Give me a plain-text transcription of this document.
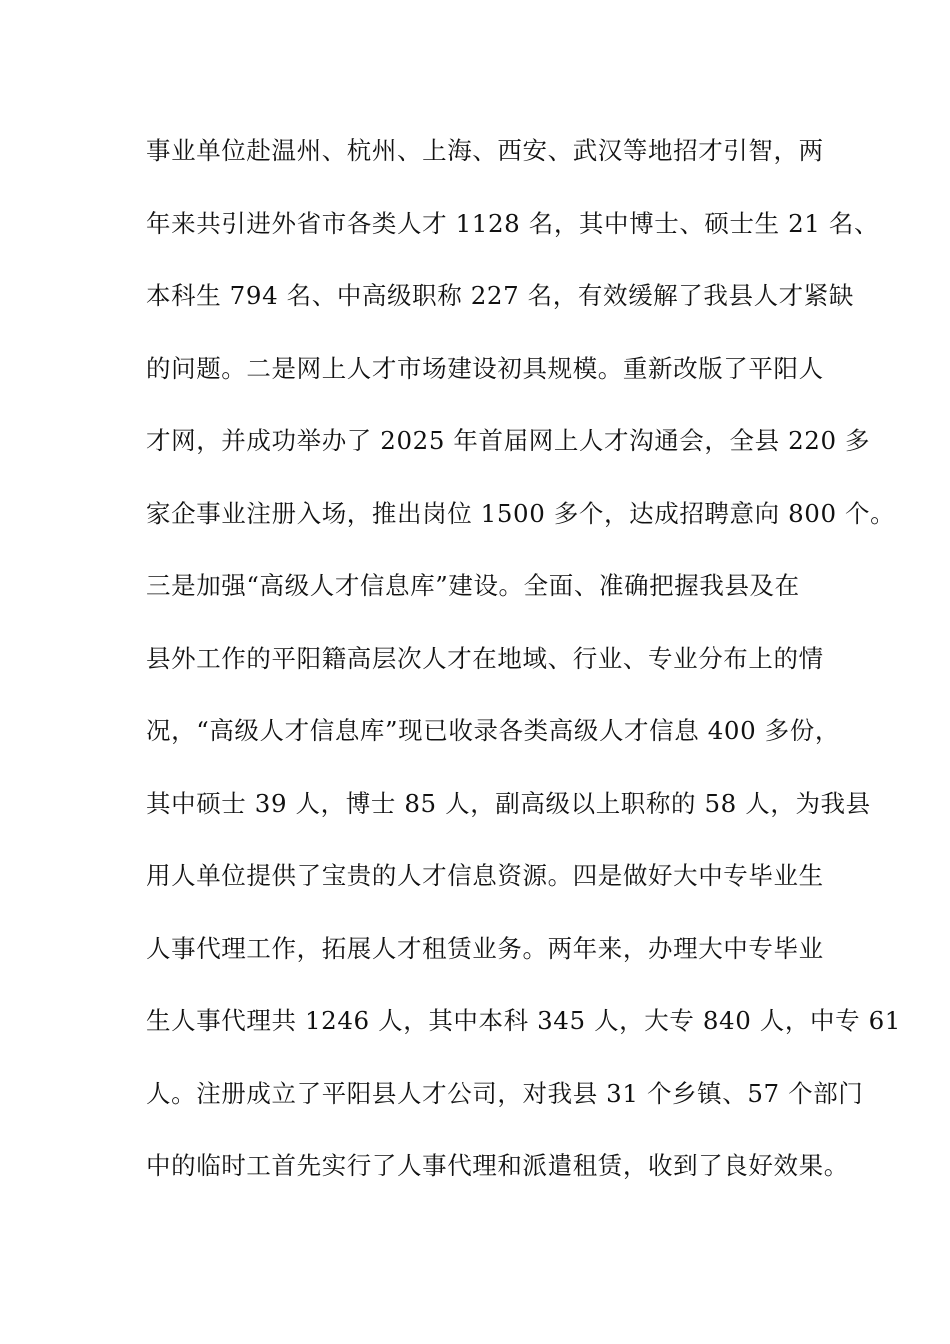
事业单位赴温州、杭州、上海、西安、武汉等地招才引智，两
年来共引进外省市各类人才 1128 名，其中博士、硕士生 21 名、
本科生 794 名、中高级职称 227 名，有效缓解了我县人才紧缺
的问题。二是网上人才市场建设初具规模。重新改版了平阳人
才网，并成功举办了 2025 年首届网上人才沟通会，全县 220 多
家企事业注册入场，推出岗位 1500 多个，达成招聘意向 800 个。
三是加强“高级人才信息库”建设。全面、准确把握我县及在
县外工作的平阳籍高层次人才在地域、行业、专业分布上的情
况，“高级人才信息库”现已收录各类高级人才信息 400 多份，
其中硕士 39 人，博士 85 人，副高级以上职称的 58 人，为我县
用人单位提供了宝贵的人才信息资源。四是做好大中专毕业生
人事代理工作，拓展人才租赁业务。两年来，办理大中专毕业
生人事代理共 1246 人，其中本科 345 人，大专 840 人，中专 61
人。注册成立了平阳县人才公司，对我县 31 个乡镇、57 个部门
中的临时工首先实行了人事代理和派遣租赁，收到了良好效果。
